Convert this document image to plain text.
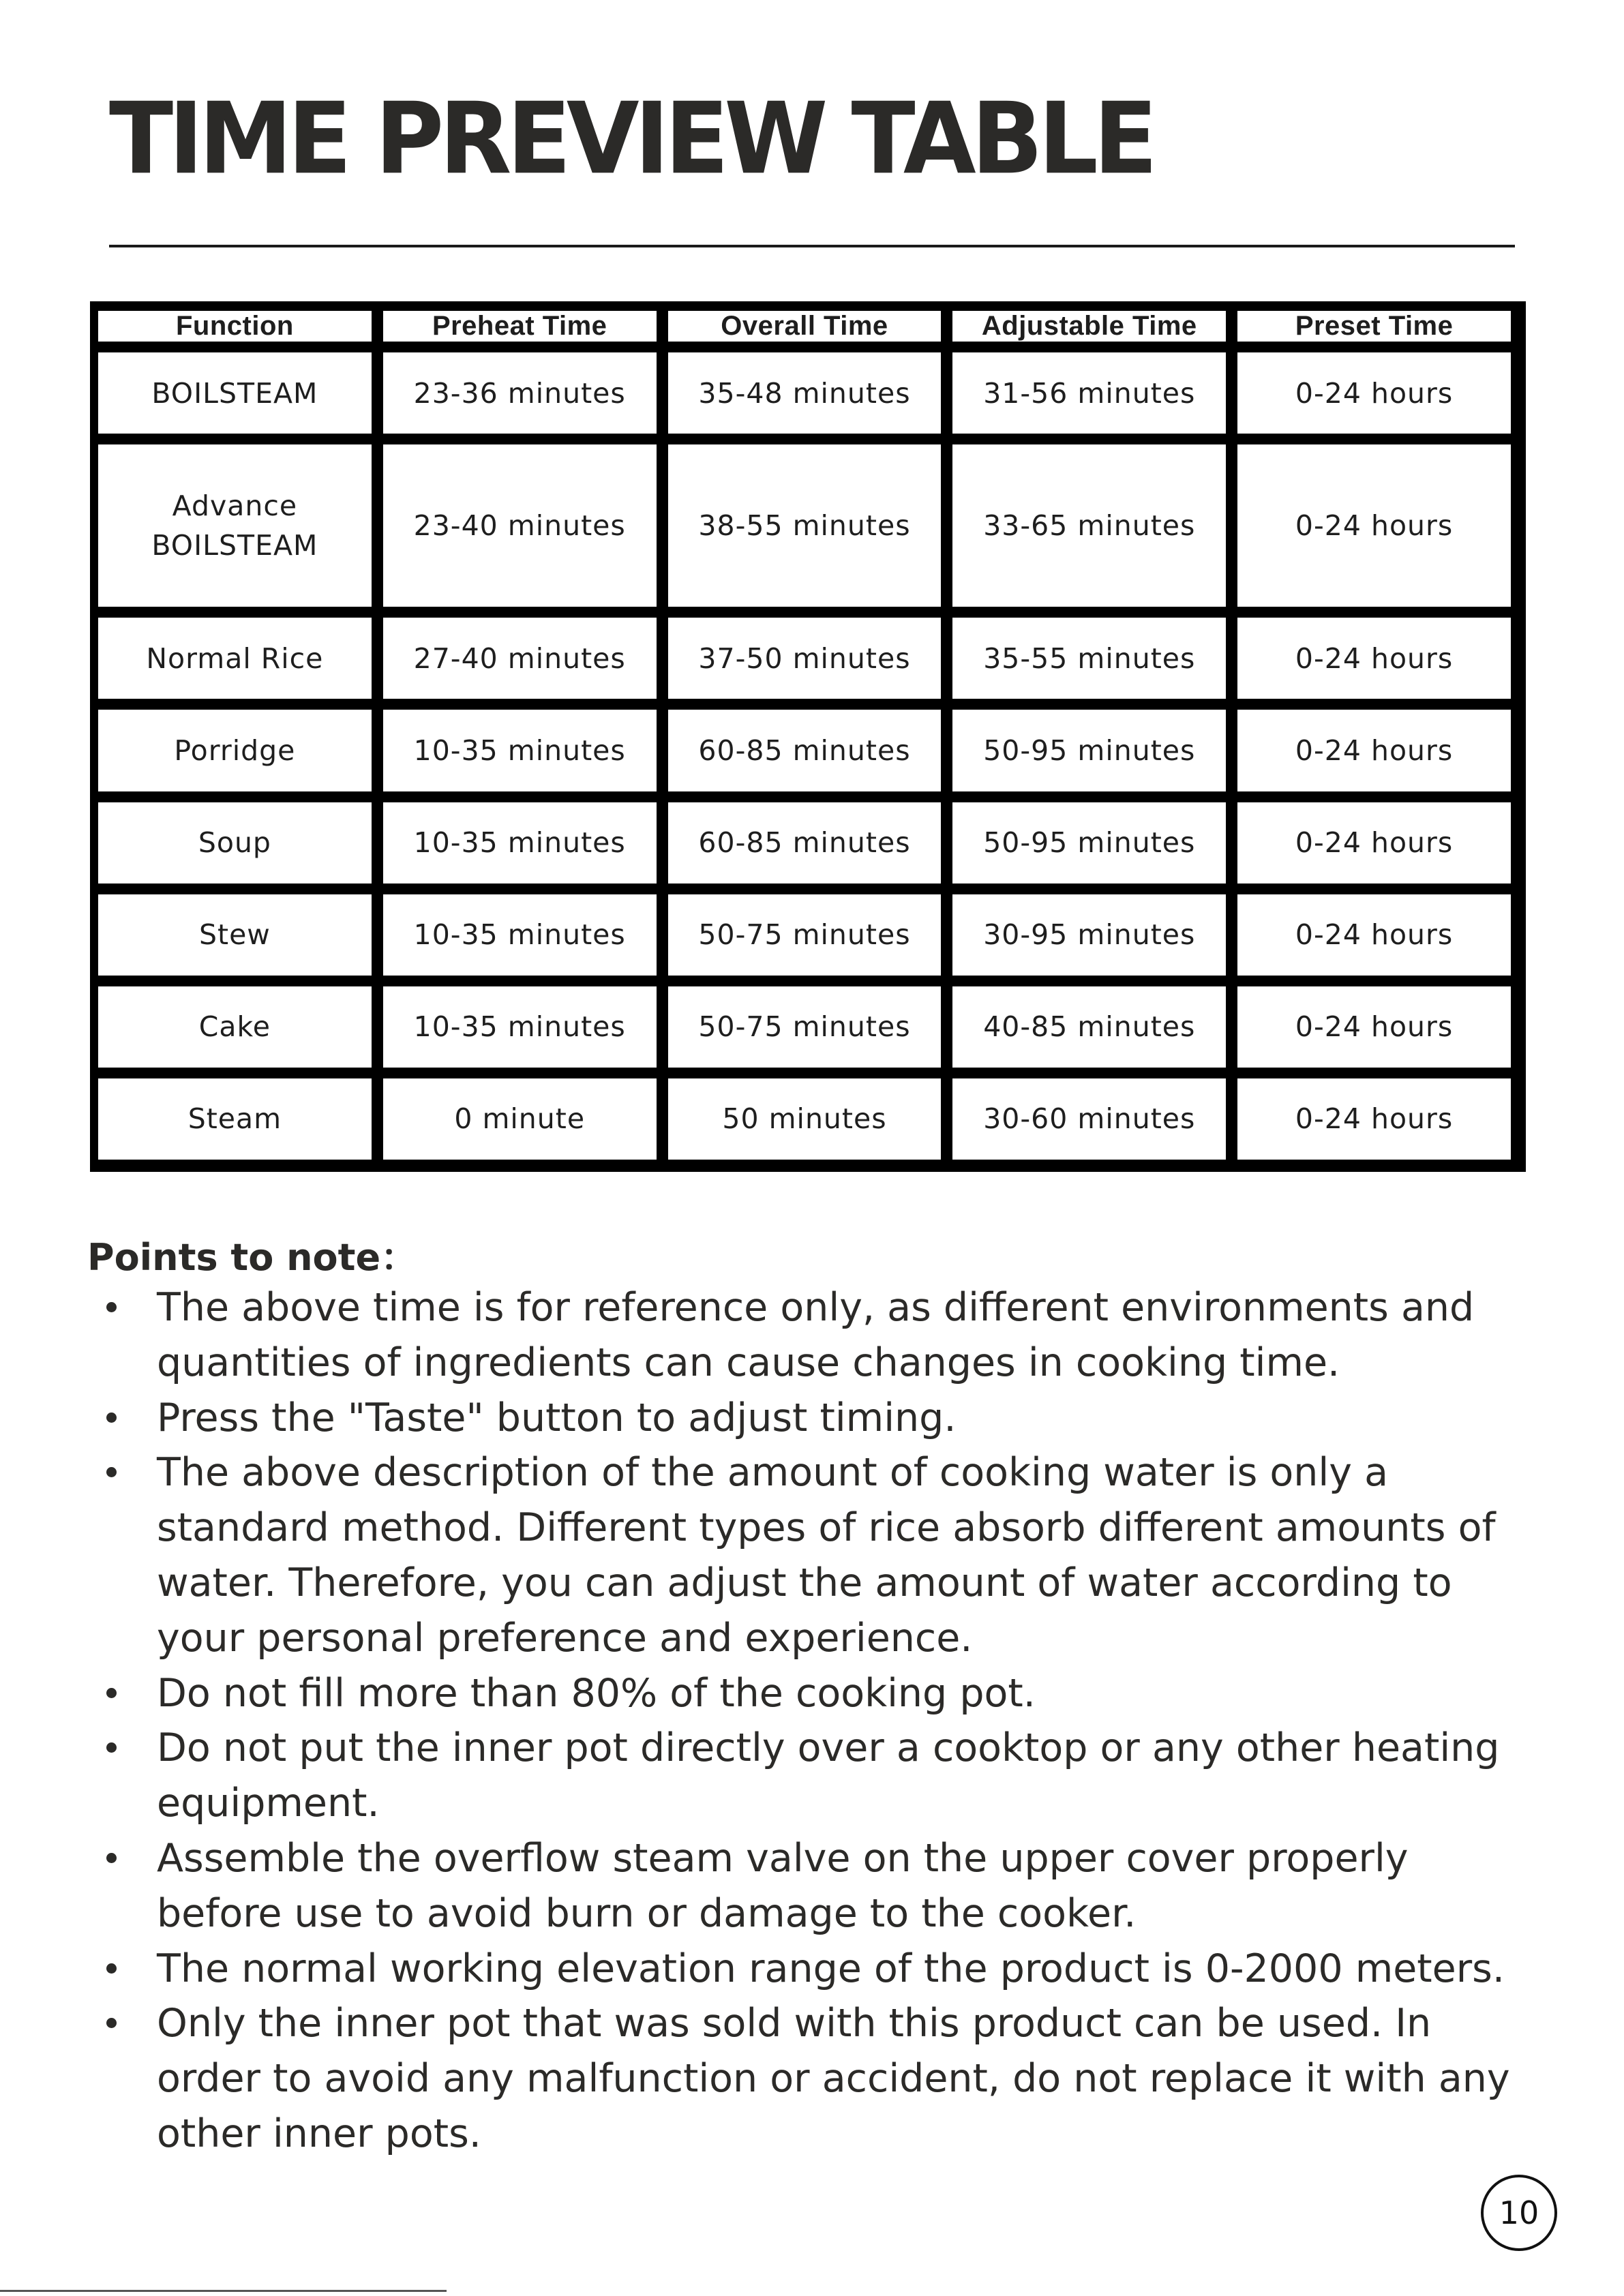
TIME PREVIEW TABLE
Function	Preheat Time	Overall Time	Adjustable Time	Preset Time
BOILSTEAM	23-36 minutes	35-48 minutes	31-56 minutes	0-24 hours
Advance BOILSTEAM	23-40 minutes	38-55 minutes	33-65 minutes	0-24 hours
Normal Rice	27-40 minutes	37-50 minutes	35-55 minutes	0-24 hours
Porridge	10-35 minutes	60-85 minutes	50-95 minutes	0-24 hours
Soup	10-35 minutes	60-85 minutes	50-95 minutes	0-24 hours
Stew	10-35 minutes	50-75 minutes	30-95 minutes	0-24 hours
Cake	10-35 minutes	50-75 minutes	40-85 minutes	0-24 hours
Steam	0 minute	50 minutes	30-60 minutes	0-24 hours
Points to note：
The above time is for reference only, as different environments and quantities of ingredients can cause changes in cooking time.
Press the "Taste" button to adjust timing.
The above description of the amount of cooking water is only a standard method. Different types of rice absorb different amounts of water. Therefore, you can adjust the amount of water according to your personal preference and experience.
Do not fill more than 80% of the cooking pot.
Do not put the inner pot directly over a cooktop or any other heating equipment.
Assemble the overflow steam valve on the upper cover properly before use to avoid burn or damage to the cooker.
The normal working elevation range of the product is 0-2000 meters.
Only the inner pot that was sold with this product can be used. In order to avoid any malfunction or accident, do not replace it with any other inner pots.
10
